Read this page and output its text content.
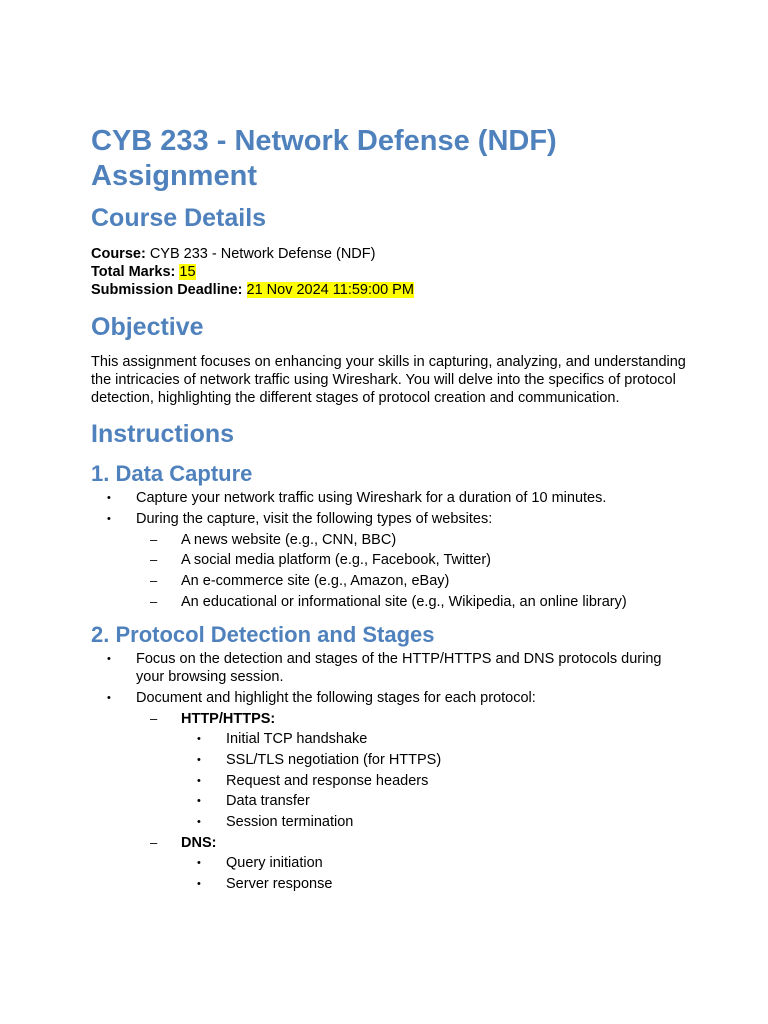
CYB 233 - Network Defense (NDF) Assignment
Course Details
Course: CYB 233 - Network Defense (NDF)
Total Marks: 15
Submission Deadline: 21 Nov 2024 11:59:00 PM
Objective

This assignment focuses on enhancing your skills in capturing, analyzing, and understanding the intricacies of network traffic using Wireshark. You will delve into the specifics of protocol detection, highlighting the different stages of protocol creation and communication.

Instructions
1. Data Capture
• Capture your network traffic using Wireshark for a duration of 10 minutes.
• During the capture, visit the following types of websites:
– A news website (e.g., CNN, BBC)
– A social media platform (e.g., Facebook, Twitter)
– An e-commerce site (e.g., Amazon, eBay)
– An educational or informational site (e.g., Wikipedia, an online library)
2. Protocol Detection and Stages
• Focus on the detection and stages of the HTTP/HTTPS and DNS protocols during your browsing session.
• Document and highlight the following stages for each protocol:
– HTTP/HTTPS:
• Initial TCP handshake
• SSL/TLS negotiation (for HTTPS)
• Request and response headers
• Data transfer
• Session termination
– DNS:
• Query initiation
• Server response
